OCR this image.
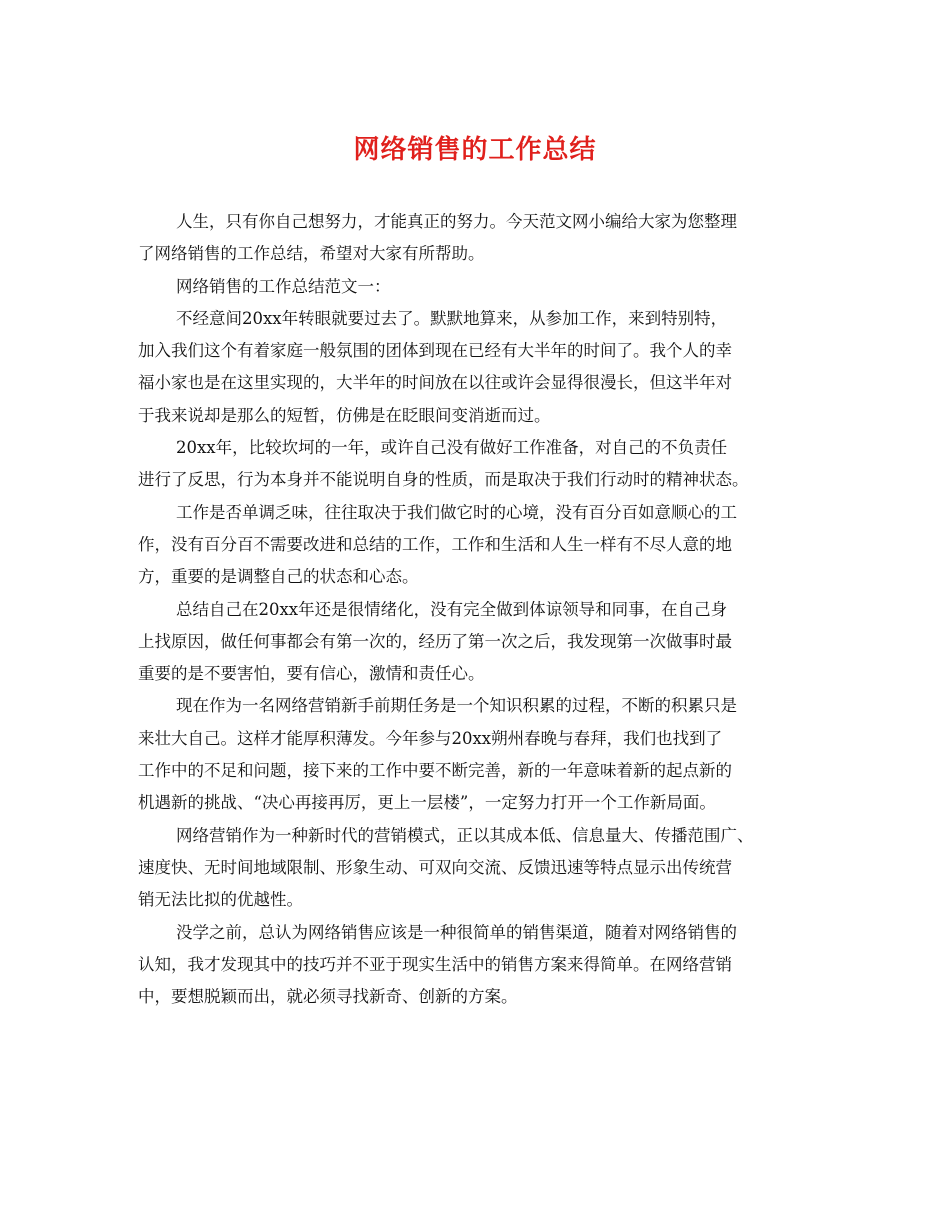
网络销售的工作总结
人生，只有你自己想努力，才能真正的努力。今天范文网小编给大家为您整理
了网络销售的工作总结，希望对大家有所帮助。
网络销售的工作总结范文一：
不经意间20xx年转眼就要过去了。默默地算来，从参加工作，来到特别特，
加入我们这个有着家庭一般氛围的团体到现在已经有大半年的时间了。我个人的幸
福小家也是在这里实现的，大半年的时间放在以往或许会显得很漫长，但这半年对
于我来说却是那么的短暂，仿佛是在眨眼间变消逝而过。
20xx年，比较坎坷的一年，或许自己没有做好工作准备，对自己的不负责任
进行了反思，行为本身并不能说明自身的性质，而是取决于我们行动时的精神状态。
工作是否单调乏味，往往取决于我们做它时的心境，没有百分百如意顺心的工
作，没有百分百不需要改进和总结的工作，工作和生活和人生一样有不尽人意的地
方，重要的是调整自己的状态和心态。
总结自己在20xx年还是很情绪化，没有完全做到体谅领导和同事，在自己身
上找原因，做任何事都会有第一次的，经历了第一次之后，我发现第一次做事时最
重要的是不要害怕，要有信心，激情和责任心。
现在作为一名网络营销新手前期任务是一个知识积累的过程，不断的积累只是
来壮大自己。这样才能厚积薄发。今年参与20xx朔州春晚与春拜，我们也找到了
工作中的不足和问题，接下来的工作中要不断完善，新的一年意味着新的起点新的
机遇新的挑战、“决心再接再厉，更上一层楼”，一定努力打开一个工作新局面。
网络营销作为一种新时代的营销模式，正以其成本低、信息量大、传播范围广、
速度快、无时间地域限制、形象生动、可双向交流、反馈迅速等特点显示出传统营
销无法比拟的优越性。
没学之前，总认为网络销售应该是一种很简单的销售渠道，随着对网络销售的
认知，我才发现其中的技巧并不亚于现实生活中的销售方案来得简单。在网络营销
中，要想脱颖而出，就必须寻找新奇、创新的方案。
